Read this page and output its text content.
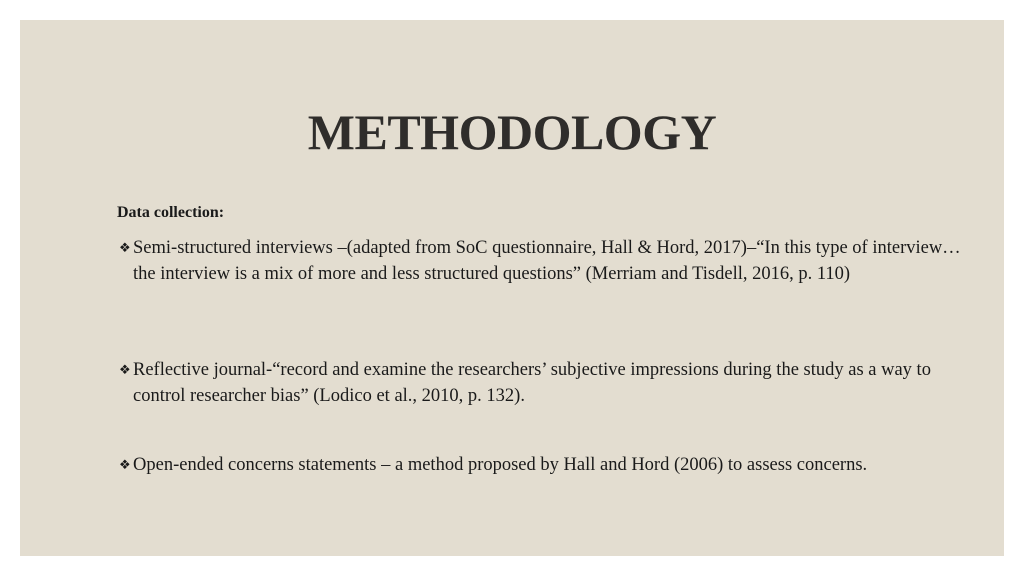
METHODOLOGY

Data collection:

❖ Semi-structured interviews –(adapted from SoC questionnaire, Hall & Hord, 2017)–“In this type of interview…the interview is a mix of more and less structured questions” (Merriam and Tisdell, 2016, p. 110)

❖ Reflective journal-“record and examine the researchers’ subjective impressions during the study as a way to control researcher bias” (Lodico et al., 2010, p. 132).

❖ Open-ended concerns statements – a method proposed by Hall and Hord (2006) to assess concerns.
